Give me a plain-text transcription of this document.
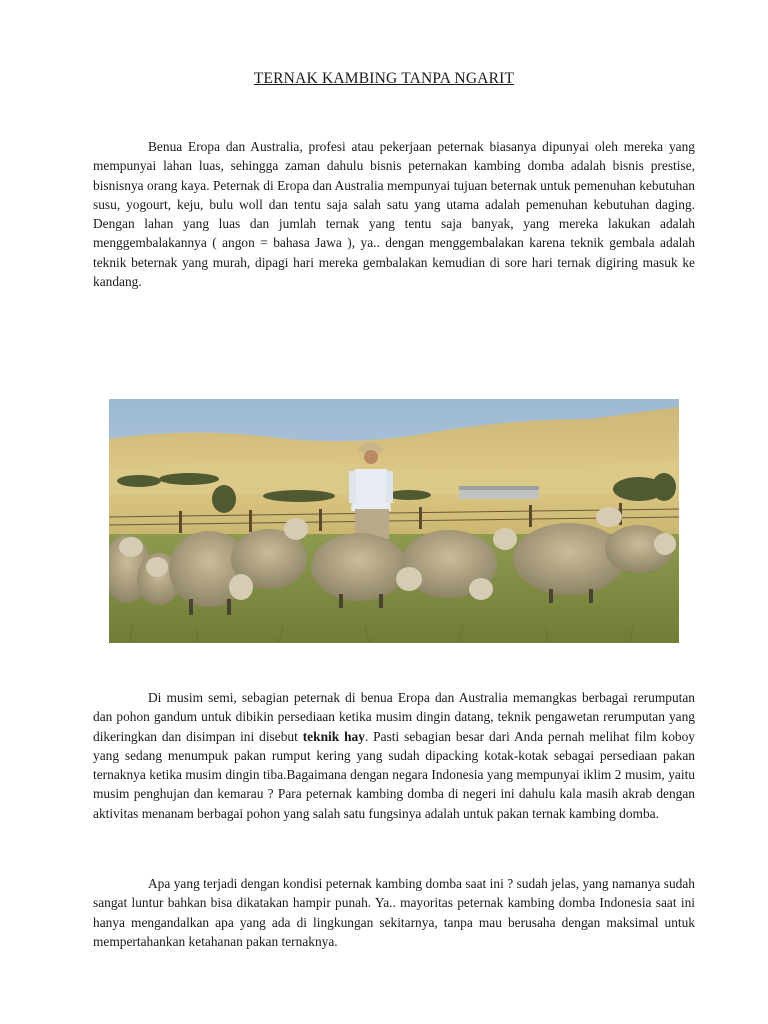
TERNAK KAMBING TANPA NGARIT

Benua Eropa dan Australia, profesi atau pekerjaan peternak biasanya dipunyai oleh mereka yang mempunyai lahan luas, sehingga zaman dahulu bisnis peternakan kambing domba adalah bisnis prestise, bisnisnya orang kaya. Peternak di Eropa dan Australia mempunyai tujuan beternak untuk pemenuhan kebutuhan susu, yogourt, keju, bulu woll dan tentu saja salah satu yang utama adalah pemenuhan kebutuhan daging. Dengan lahan yang luas dan jumlah ternak yang tentu saja banyak, yang mereka lakukan adalah menggembalakannya ( angon = bahasa Jawa ), ya.. dengan menggembalakan karena teknik gembala adalah teknik beternak yang murah, dipagi hari mereka gembalakan kemudian di sore hari ternak digiring masuk ke kandang.

Di musim semi, sebagian peternak di benua Eropa dan Australia memangkas berbagai rerumputan dan pohon gandum untuk dibikin persediaan ketika musim dingin datang, teknik pengawetan rerumputan yang dikeringkan dan disimpan ini disebut teknik hay. Pasti sebagian besar dari Anda pernah melihat film koboy yang sedang menumpuk pakan rumput kering yang sudah dipacking kotak-kotak sebagai persediaan pakan ternaknya ketika musim dingin tiba.Bagaimana dengan negara Indonesia yang mempunyai iklim 2 musim, yaitu musim penghujan dan kemarau ? Para peternak kambing domba di negeri ini dahulu kala masih akrab dengan aktivitas menanam berbagai pohon yang salah satu fungsinya adalah untuk pakan ternak kambing domba.

Apa yang terjadi dengan kondisi peternak kambing domba saat ini ? sudah jelas, yang namanya sudah sangat luntur bahkan bisa dikatakan hampir punah. Ya.. mayoritas peternak kambing domba Indonesia saat ini hanya mengandalkan apa yang ada di lingkungan sekitarnya, tanpa mau berusaha dengan maksimal untuk mempertahankan ketahanan pakan ternaknya.
